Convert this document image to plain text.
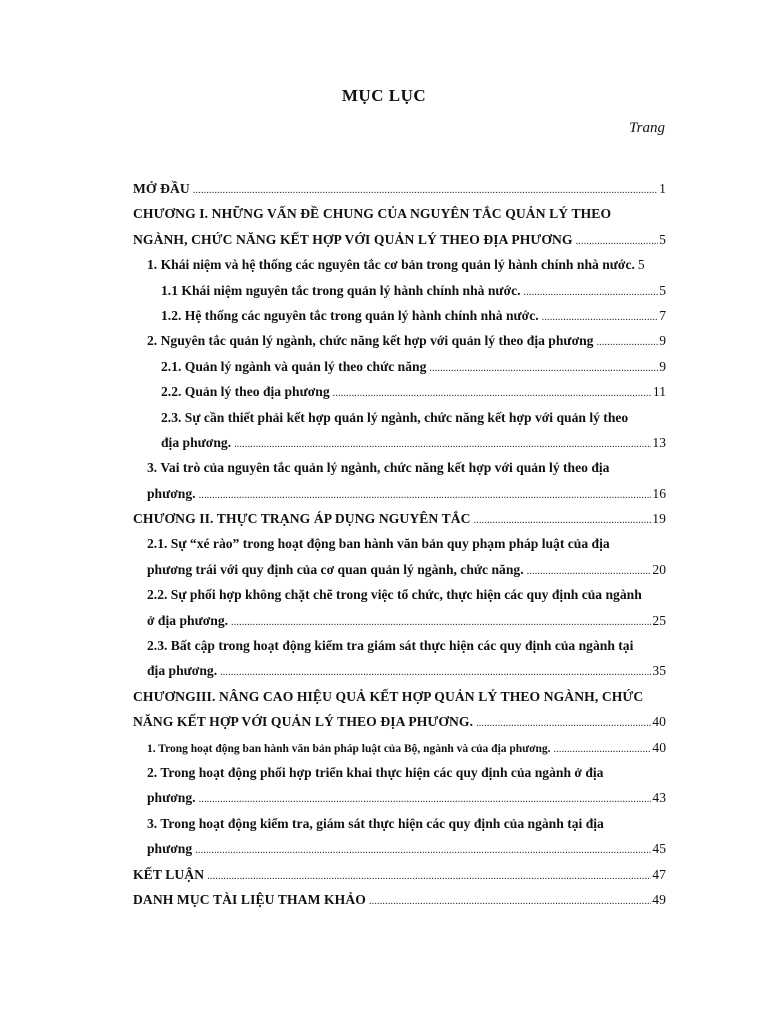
MỤC LỤC
Trang
MỞ ĐẦU .....	1
CHƯƠNG I. NHỮNG VẤN ĐỀ CHUNG CỦA NGUYÊN TẮC QUẢN LÝ THEO
NGÀNH, CHỨC NĂNG KẾT HỢP VỚI QUẢN LÝ THEO ĐỊA PHƯƠNG .....	5
1. Khái niệm và hệ thống các nguyên tắc cơ bản trong quản lý hành chính nhà nước. 5
1.1 Khái niệm nguyên tắc trong quản lý hành chính nhà nước. .....	5
1.2. Hệ thống các nguyên tắc trong quản lý hành chính nhà nước. .....	7
2. Nguyên tắc quản lý ngành, chức năng kết hợp với quản lý theo địa phương .....	9
2.1. Quản lý ngành và quản lý theo chức năng .....	9
2.2. Quản lý theo địa phương .....	11
2.3. Sự cần thiết phải kết hợp quản lý ngành, chức năng kết hợp với quản lý theo
địa phương. .....	13
3. Vai trò của nguyên tắc quản lý ngành, chức năng kết hợp với quản lý theo địa
phương. .....	16
CHƯƠNG II. THỰC TRẠNG ÁP DỤNG NGUYÊN TẮC .....	19
2.1. Sự “xé rào” trong hoạt động ban hành văn bản quy phạm pháp luật của địa
phương trái với quy định của cơ quan quản lý ngành, chức năng. .....	20
2.2. Sự phối hợp không chặt chẽ trong việc tổ chức, thực hiện các quy định của ngành
ở địa phương. .....	25
2.3. Bất cập trong hoạt động kiểm tra giám sát thực hiện các quy định của ngành tại
địa phương. .....	35
CHƯƠNGIII. NÂNG CAO HIỆU QUẢ KẾT HỢP QUẢN LÝ THEO NGÀNH, CHỨC
NĂNG KẾT HỢP VỚI QUẢN LÝ THEO ĐỊA PHƯƠNG. .....	40
1. Trong hoạt động ban hành văn bản pháp luật của Bộ, ngành và của địa phương. .....	40
2. Trong hoạt động phối hợp triển khai thực hiện các quy định của ngành ở địa
phương. .....	43
3. Trong hoạt động kiểm tra, giám sát thực hiện các quy định của ngành tại địa
phương .....	45
KẾT LUẬN .....	47
DANH MỤC TÀI LIỆU THAM KHẢO .....	49
